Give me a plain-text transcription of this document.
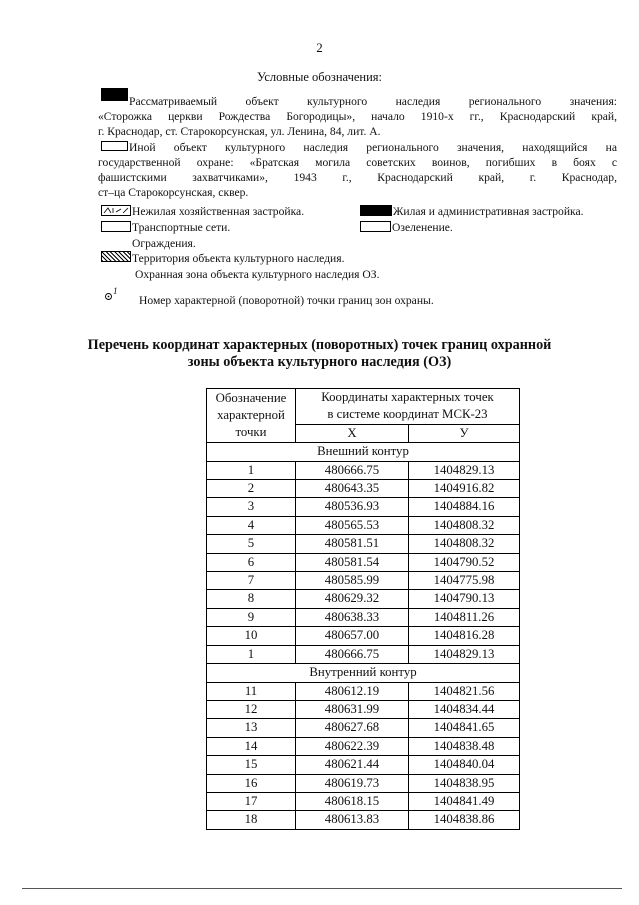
2
Условные обозначения:
Рассматриваемый объект культурного наследия регионального значения:
«Сторожка церкви Рождества Богородицы», начало 1910-х гг., Краснодарский край,
г. Краснодар, ст. Старокорсунская, ул. Ленина, 84, лит. А.
Иной объект культурного наследия регионального значения, находящийся на
государственной охране: «Братская могила советских воинов, погибших в боях с
фашистскими захватчиками», 1943 г., Краснодарский край, г. Краснодар,
ст–ца Старокорсунская, сквер.
Нежилая хозяйственная застройка.	Жилая и административная застройка.
Транспортные сети.	Озеленение.
Ограждения.
Территория объекта культурного наследия.
Охранная зона объекта культурного наследия ОЗ.
$^1$
Номер характерной (поворотной) точки границ зон охраны.
Перечень координат характерных (поворотных) точек границ охранной
зоны объекта культурного наследия (ОЗ)
Обозначение
характерной
точки	Координаты характерных точек
в системе координат МСК-23	

	X	У
Внешний контур		
1	480666.75	1404829.13
2	480643.35	1404916.82
3	480536.93	1404884.16
4	480565.53	1404808.32
5	480581.51	1404808.32
6	480581.54	1404790.52
7	480585.99	1404775.98
8	480629.32	1404790.13
9	480638.33	1404811.26
10	480657.00	1404816.28
1	480666.75	1404829.13
Внутренний контур		
11	480612.19	1404821.56
12	480631.99	1404834.44
13	480627.68	1404841.65
14	480622.39	1404838.48
15	480621.44	1404840.04
16	480619.73	1404838.95
17	480618.15	1404841.49
18	480613.83	1404838.86
